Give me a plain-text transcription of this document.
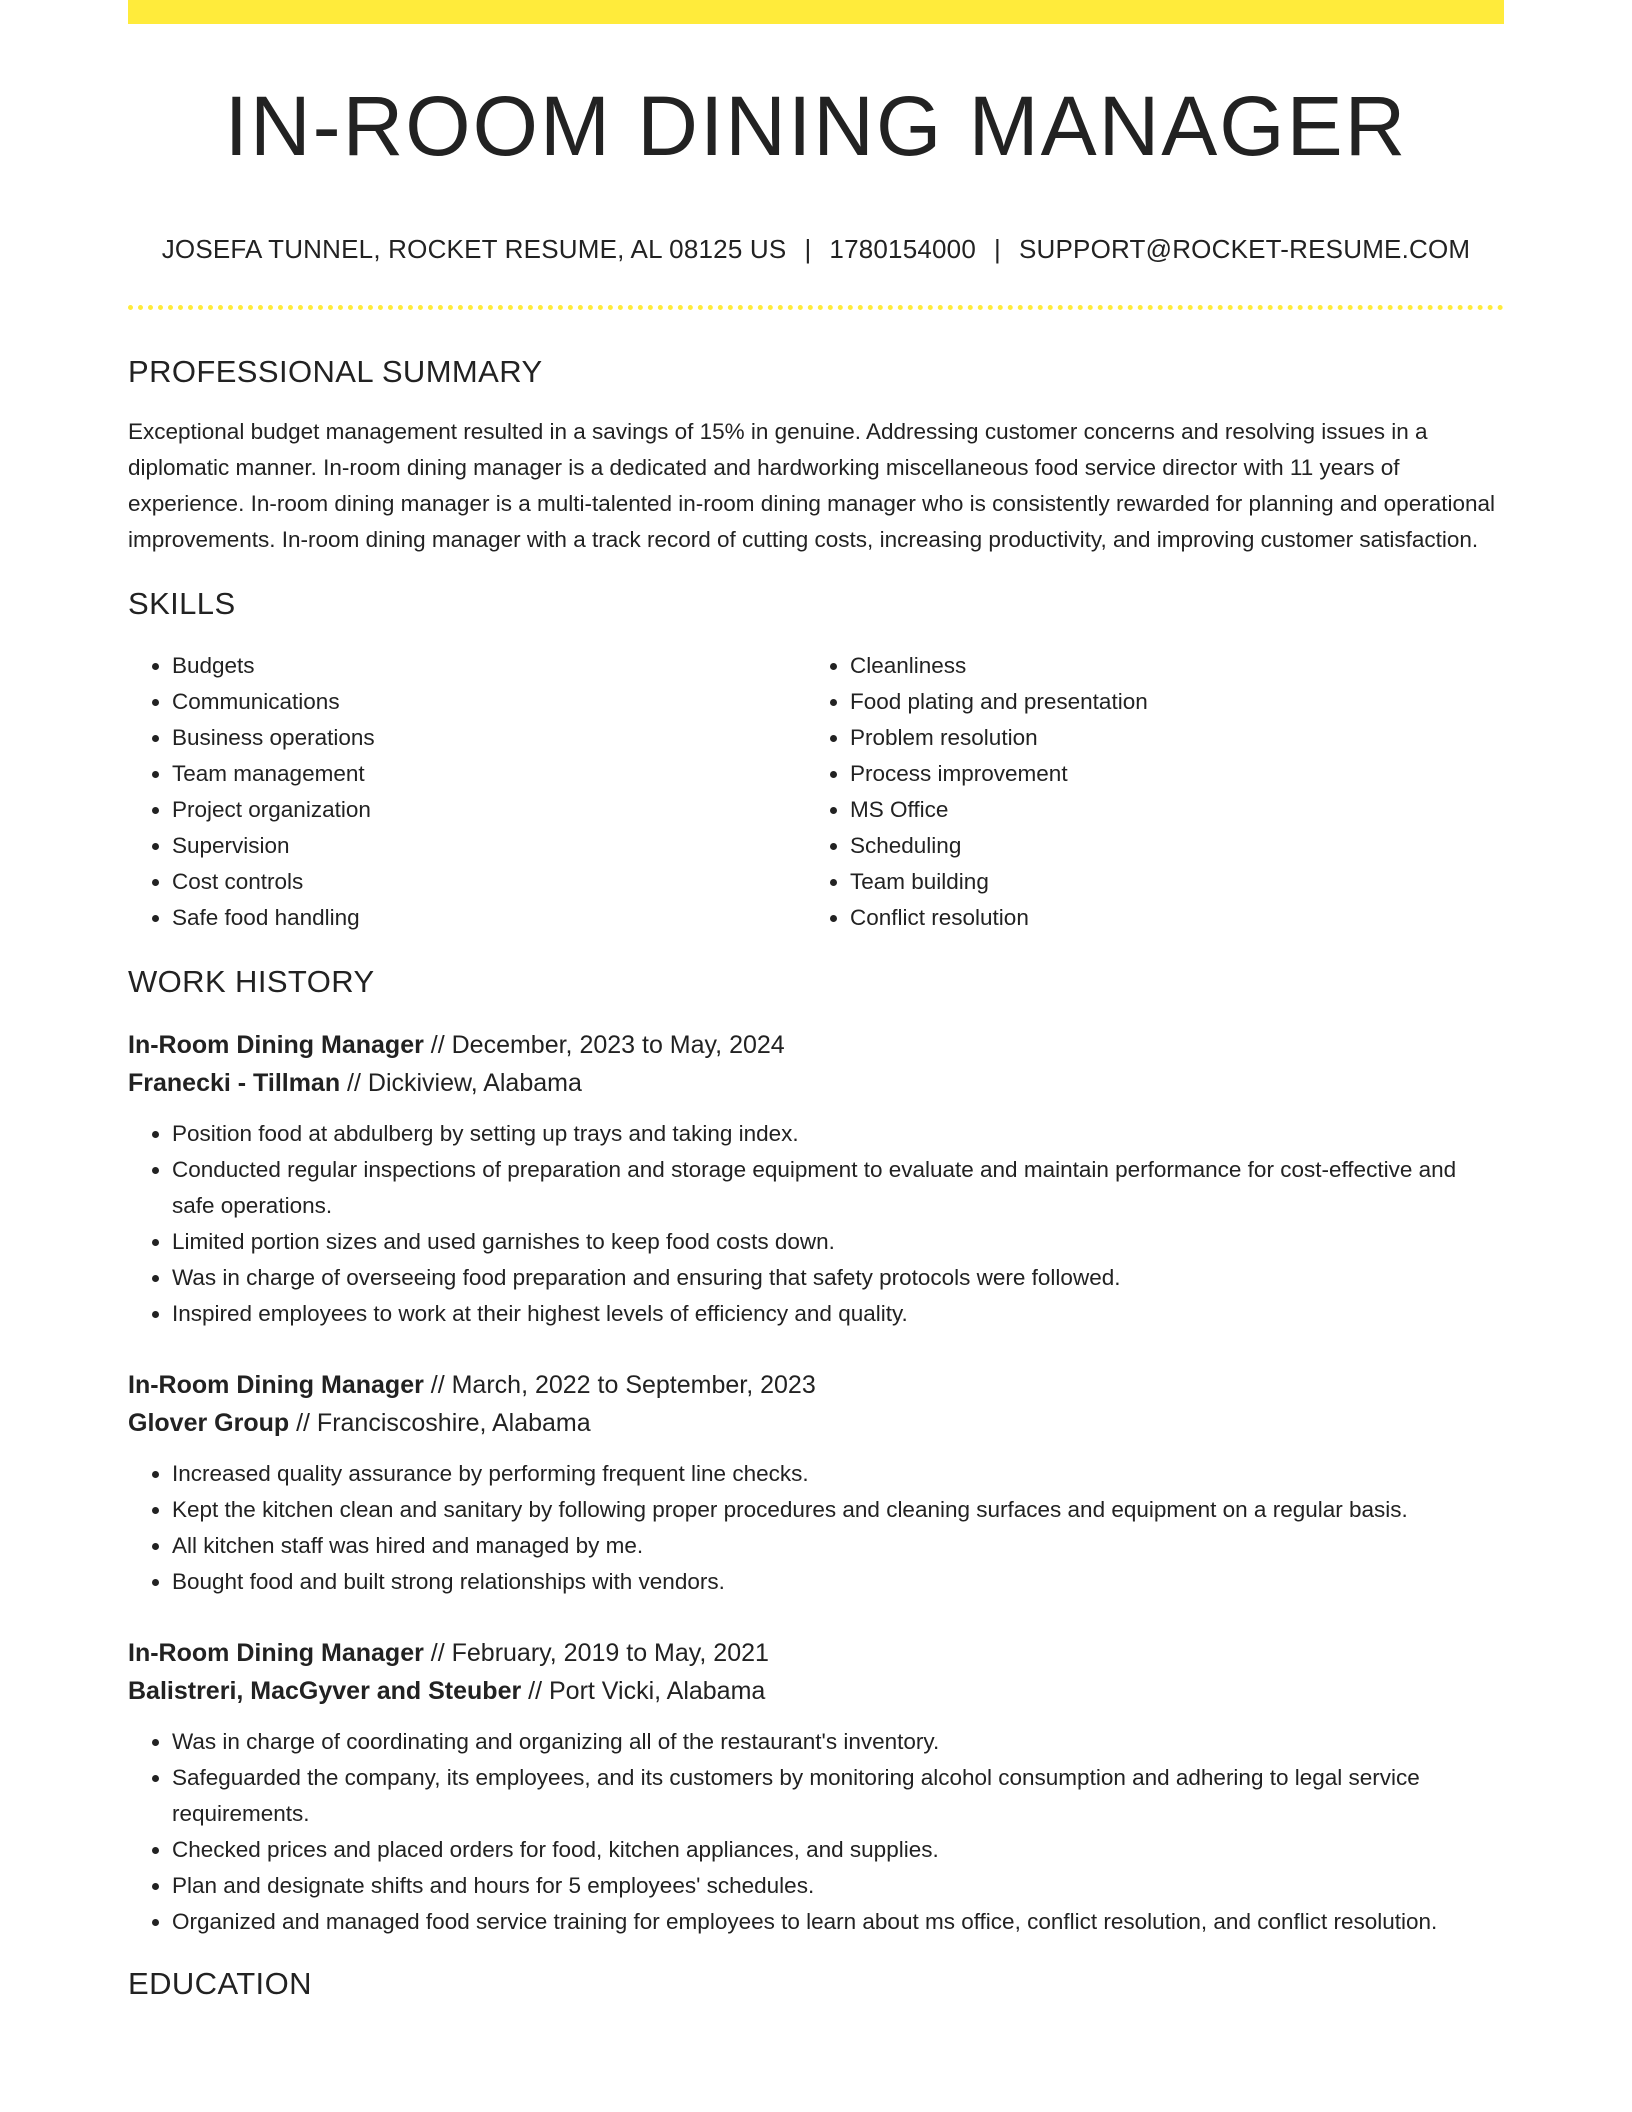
IN-ROOM DINING MANAGER
JOSEFA TUNNEL, ROCKET RESUME, AL 08125 US | 1780154000 | SUPPORT@ROCKET-RESUME.COM
PROFESSIONAL SUMMARY

Exceptional budget management resulted in a savings of 15% in genuine. Addressing customer concerns and resolving issues in a diplomatic manner. In-room dining manager is a dedicated and hardworking miscellaneous food service director with 11 years of experience. In-room dining manager is a multi-talented in-room dining manager who is consistently rewarded for planning and operational improvements. In-room dining manager with a track record of cutting costs, increasing productivity, and improving customer satisfaction.

SKILLS
• Budgets
• Communications
• Business operations
• Team management
• Project organization
• Supervision
• Cost controls
• Safe food handling
• Cleanliness
• Food plating and presentation
• Problem resolution
• Process improvement
• MS Office
• Scheduling
• Team building
• Conflict resolution
WORK HISTORY
In-Room Dining Manager // December, 2023 to May, 2024
Franecki - Tillman // Dickiview, Alabama
• Position food at abdulberg by setting up trays and taking index.
• Conducted regular inspections of preparation and storage equipment to evaluate and maintain performance for cost-effective and safe operations.
• Limited portion sizes and used garnishes to keep food costs down.
• Was in charge of overseeing food preparation and ensuring that safety protocols were followed.
• Inspired employees to work at their highest levels of efficiency and quality.
In-Room Dining Manager // March, 2022 to September, 2023
Glover Group // Franciscoshire, Alabama
• Increased quality assurance by performing frequent line checks.
• Kept the kitchen clean and sanitary by following proper procedures and cleaning surfaces and equipment on a regular basis.
• All kitchen staff was hired and managed by me.
• Bought food and built strong relationships with vendors.
In-Room Dining Manager // February, 2019 to May, 2021
Balistreri, MacGyver and Steuber // Port Vicki, Alabama
• Was in charge of coordinating and organizing all of the restaurant's inventory.
• Safeguarded the company, its employees, and its customers by monitoring alcohol consumption and adhering to legal service requirements.
• Checked prices and placed orders for food, kitchen appliances, and supplies.
• Plan and designate shifts and hours for 5 employees' schedules.
• Organized and managed food service training for employees to learn about ms office, conflict resolution, and conflict resolution.
EDUCATION
